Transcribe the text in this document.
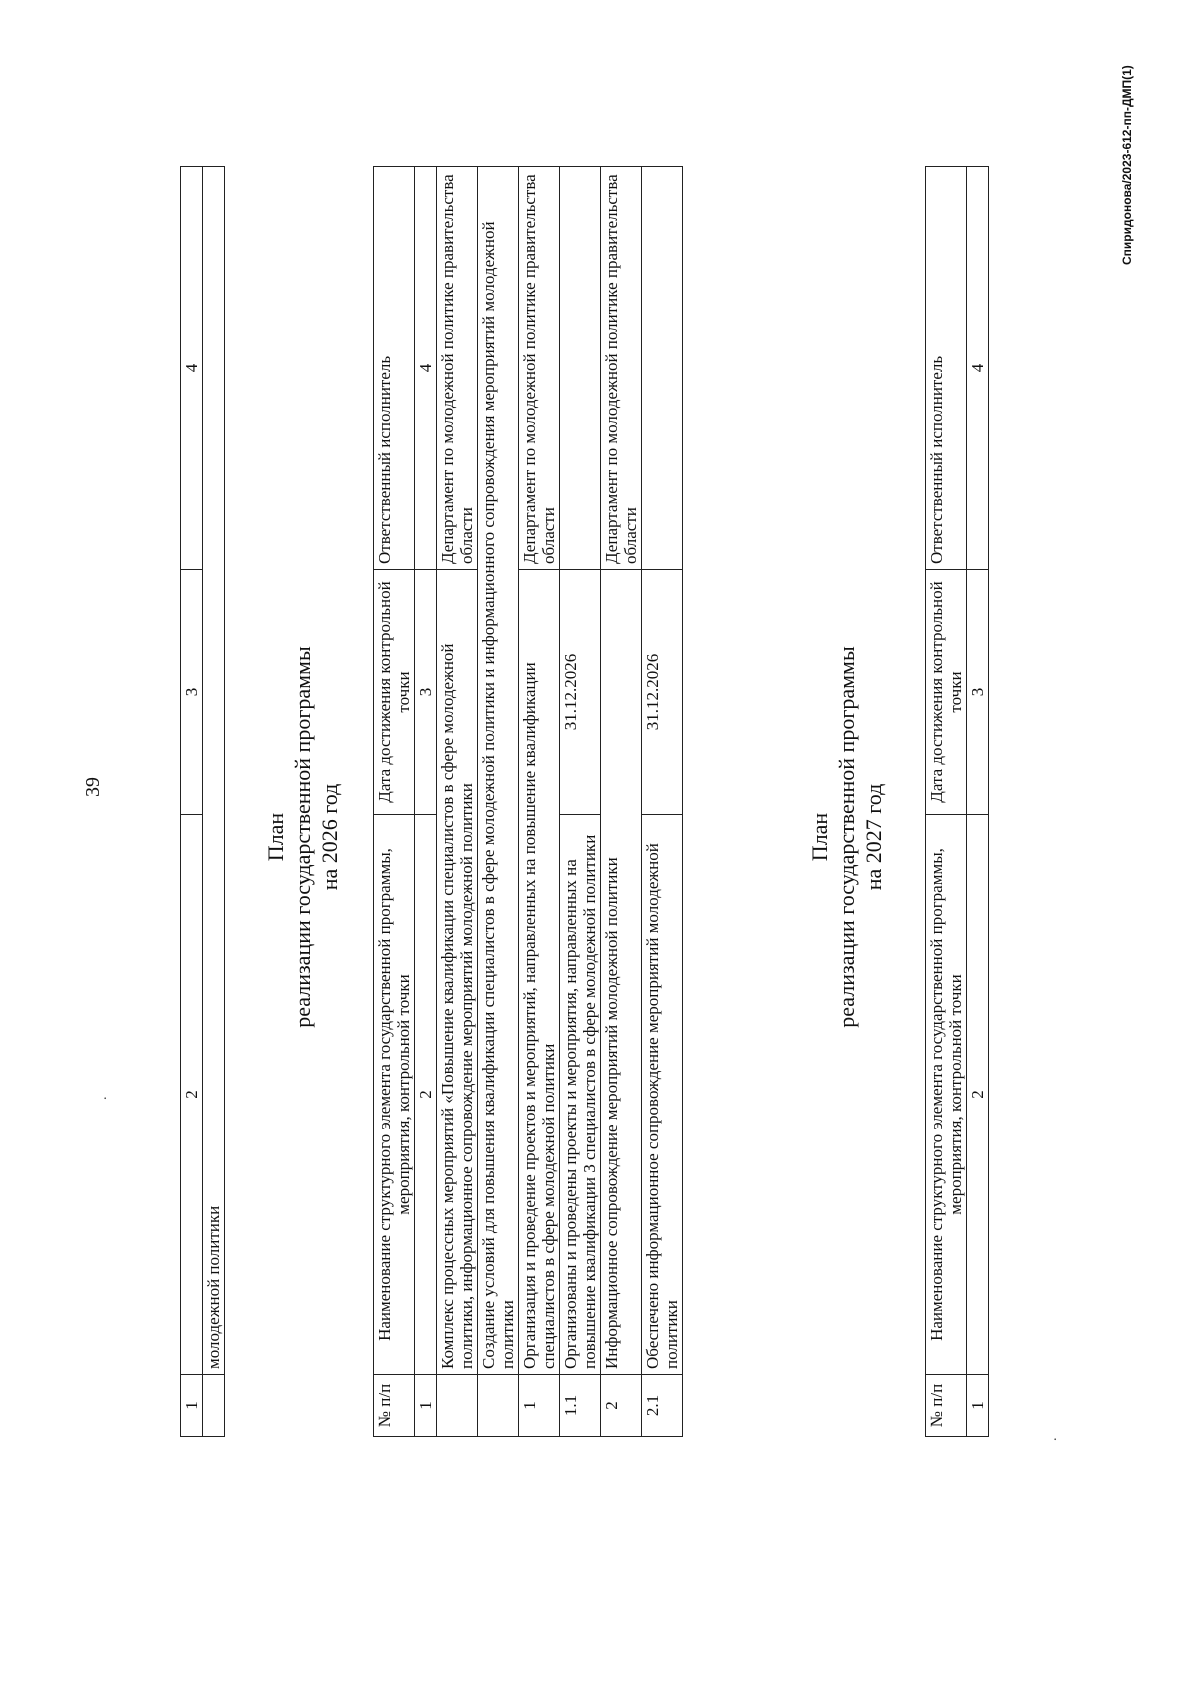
39
Спиридонова/2023-612-пп-ДМП(1)
.
.
1	2	3	4
	молодежной политики		
План реализации государственной программы на 2026 год
№ п/п	Наименование структурного элемента государственной программы, мероприятия, контрольной точки	Дата достижения контрольной точки	Ответственный исполнитель
1	2	3	4
	Комплекс процессных мероприятий «Повышение квалификации специалистов в сфере молодежной политики, информационное сопровождение мероприятий молодежной политики		Департамент по молодежной политике правительства области
	Создание условий для повышения квалификации специалистов в сфере молодежной политики и информационного сопровождения мероприятий молодежной политики		
1	Организация и проведение проектов и мероприятий, направленных на повышение квалификации специалистов в сфере молодежной политики		Департамент по молодежной политике правительства области
1.1	Организованы и проведены проекты и мероприятия, направленных на повышение квалификации 3 специалистов в сфере молодежной политики	31.12.2026	
2	Информационное сопровождение мероприятий молодежной политики		Департамент по молодежной политике правительства области
2.1	Обеспечено информационное сопровождение мероприятий молодежной политики	31.12.2026	
План реализации государственной программы на 2027 год
№ п/п	Наименование структурного элемента государственной программы, мероприятия, контрольной точки	Дата достижения контрольной точки	Ответственный исполнитель
1	2	3	4
